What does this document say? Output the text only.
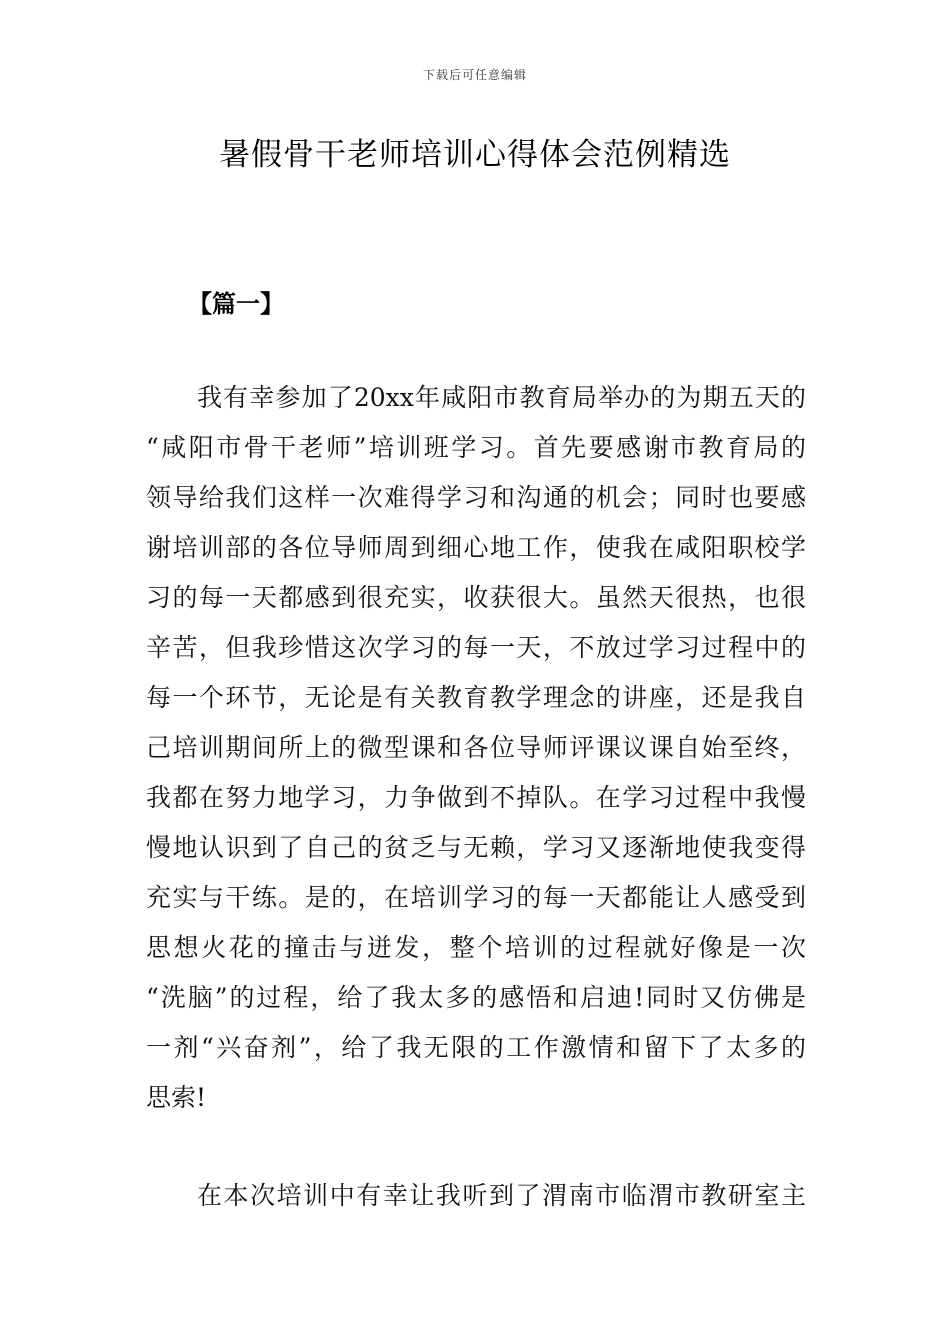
下载后可任意编辑
暑假骨干老师培训心得体会范例精选
【篇一】
我有幸参加了20xx年咸阳市教育局举办的为期五天的
“咸阳市骨干老师”培训班学习。首先要感谢市教育局的
领导给我们这样一次难得学习和沟通的机会；同时也要感
谢培训部的各位导师周到细心地工作，使我在咸阳职校学
习的每一天都感到很充实，收获很大。虽然天很热，也很
辛苦，但我珍惜这次学习的每一天，不放过学习过程中的
每一个环节，无论是有关教育教学理念的讲座，还是我自
己培训期间所上的微型课和各位导师评课议课自始至终，
我都在努力地学习，力争做到不掉队。在学习过程中我慢
慢地认识到了自己的贫乏与无赖，学习又逐渐地使我变得
充实与干练。是的，在培训学习的每一天都能让人感受到
思想火花的撞击与迸发，整个培训的过程就好像是一次
“洗脑”的过程，给了我太多的感悟和启迪!同时又仿佛是
一剂“兴奋剂”，给了我无限的工作激情和留下了太多的
思索!
在本次培训中有幸让我听到了渭南市临渭市教研室主
